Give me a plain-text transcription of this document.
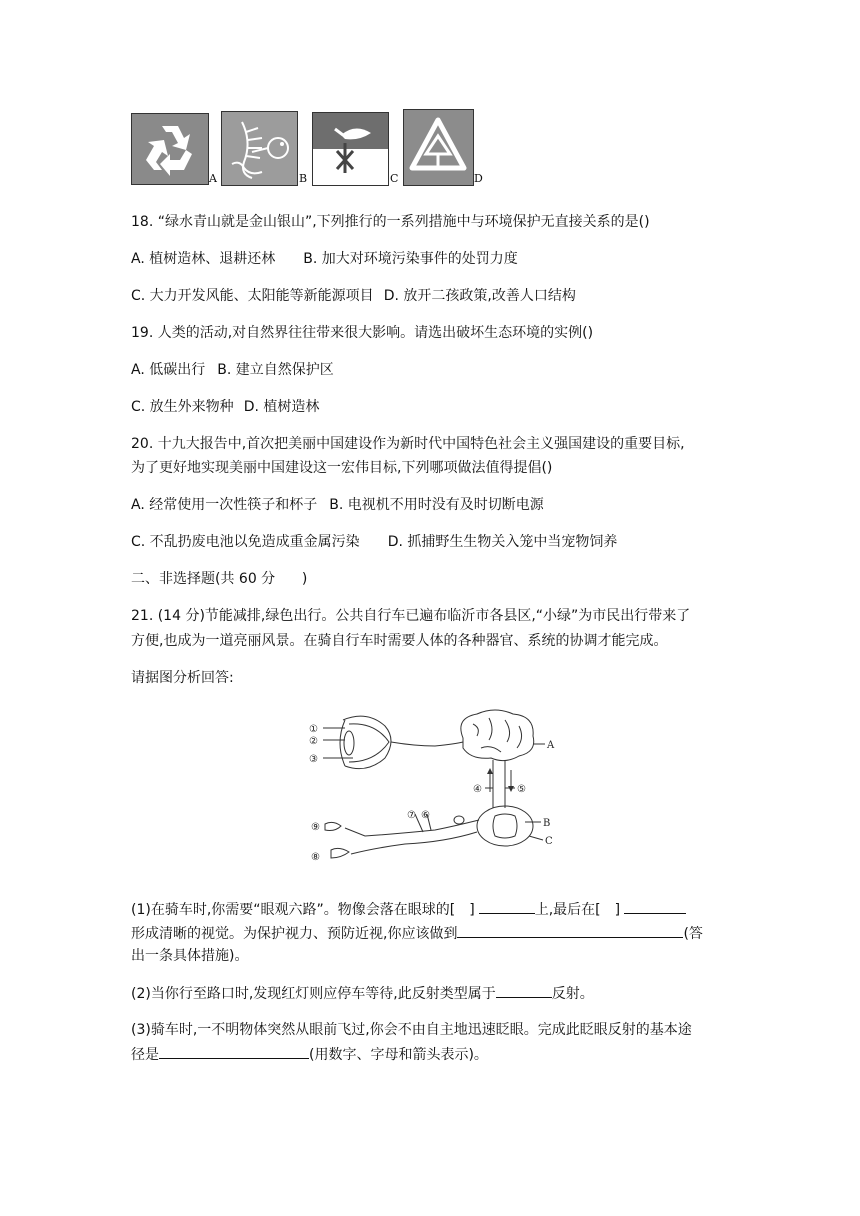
A	B	C	D
18. “绿水青山就是金山银山”,下列推行的一系列措施中与环境保护无直接关系的是()
A. 植树造林、退耕还林 B. 加大对环境污染事件的处罚力度
C. 大力开发风能、太阳能等新能源项目 D. 放开二孩政策,改善人口结构
19. 人类的活动,对自然界往往带来很大影响。请选出破坏生态环境的实例()
A. 低碳出行 B. 建立自然保护区
C. 放生外来物种 D. 植树造林
20. 十九大报告中,首次把美丽中国建设作为新时代中国特色社会主义强国建设的重要目标,
为了更好地实现美丽中国建设这一宏伟目标,下列哪项做法值得提倡()
A. 经常使用一次性筷子和杯子 B. 电视机不用时没有及时切断电源
C. 不乱扔废电池以免造成重金属污染 D. 抓捕野生生物关入笼中当宠物饲养
二、非选择题(共 60 分      )
21. (14 分)节能减排,绿色出行。公共自行车已遍布临沂市各县区,“小绿”为市民出行带来了
方便,也成为一道亮丽风景。在骑自行车时需要人体的各种器官、系统的协调才能完成。
请据图分析回答:
①
②
③
④	⑤
⑥
⑦
⑧
⑨
A
B
C
(1)在骑车时,你需要“眼观六路”。物像会落在眼球的[ ]	上,最后在[ ]
形成清晰的视觉。为保护视力、预防近视,你应该做到	(答
出一条具体措施)。
(2)当你行至路口时,发现红灯则应停车等待,此反射类型属于	反射。
(3)骑车时,一不明物体突然从眼前飞过,你会不由自主地迅速眨眼。完成此眨眼反射的基本途
径是	(用数字、字母和箭头表示)。
